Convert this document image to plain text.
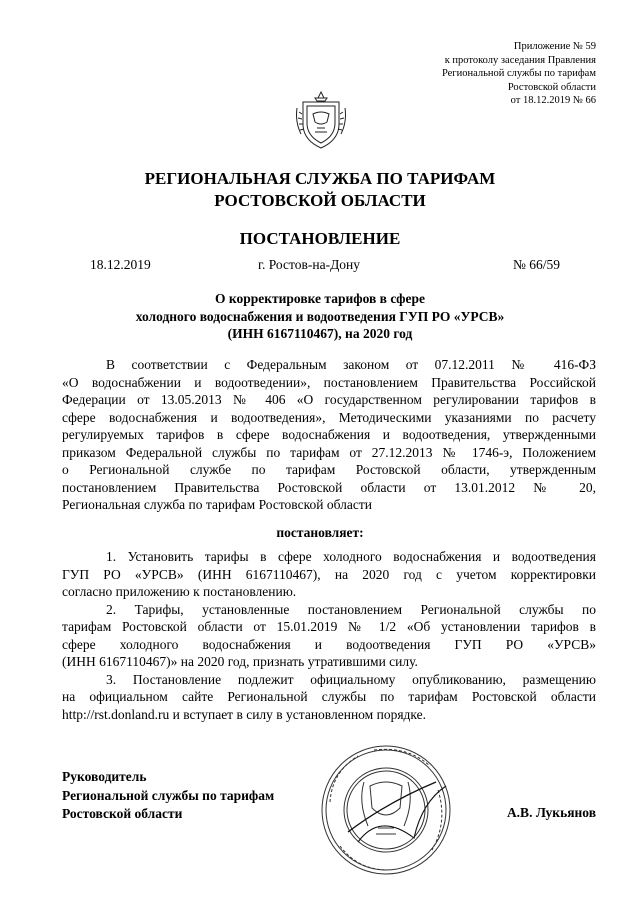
Приложение № 59
к протоколу заседания Правления
Региональной службы по тарифам
Ростовской области
от 18.12.2019 № 66
РЕГИОНАЛЬНАЯ СЛУЖБА ПО ТАРИФАМ
РОСТОВСКОЙ ОБЛАСТИ
ПОСТАНОВЛЕНИЕ
18.12.2019	г. Ростов-на-Дону	№ 66/59
О корректировке тарифов в сфере
холодного водоснабжения и водоотведения ГУП РО «УРСВ»
(ИНН 6167110467), на 2020 год
В соответствии с Федеральным законом от 07.12.2011 № 416-ФЗ
«О водоснабжении и водоотведении», постановлением Правительства Российской
Федерации от 13.05.2013 № 406 «О государственном регулировании тарифов в
сфере водоснабжения и водоотведения», Методическими указаниями по расчету
регулируемых тарифов в сфере водоснабжения и водоотведения, утвержденными
приказом Федеральной службы по тарифам от 27.12.2013 № 1746-э, Положением
о Региональной службе по тарифам Ростовской области, утвержденным
постановлением Правительства Ростовской области от 13.01.2012 № 20,
Региональная служба по тарифам Ростовской области
постановляет:
1. Установить тарифы в сфере холодного водоснабжения и водоотведения
ГУП РО «УРСВ» (ИНН 6167110467), на 2020 год с учетом корректировки
согласно приложению к постановлению.
2. Тарифы, установленные постановлением Региональной службы по
тарифам Ростовской области от 15.01.2019 № 1/2 «Об установлении тарифов в
сфере холодного водоснабжения и водоотведения ГУП РО «УРСВ»
(ИНН 6167110467)» на 2020 год, признать утратившими силу.
3. Постановление подлежит официальному опубликованию, размещению
на официальном сайте Региональной службы по тарифам Ростовской области
http://rst.donland.ru и вступает в силу в установленном порядке.
Руководитель
Региональной службы по тарифам
Ростовской области	А.В. Лукьянов
